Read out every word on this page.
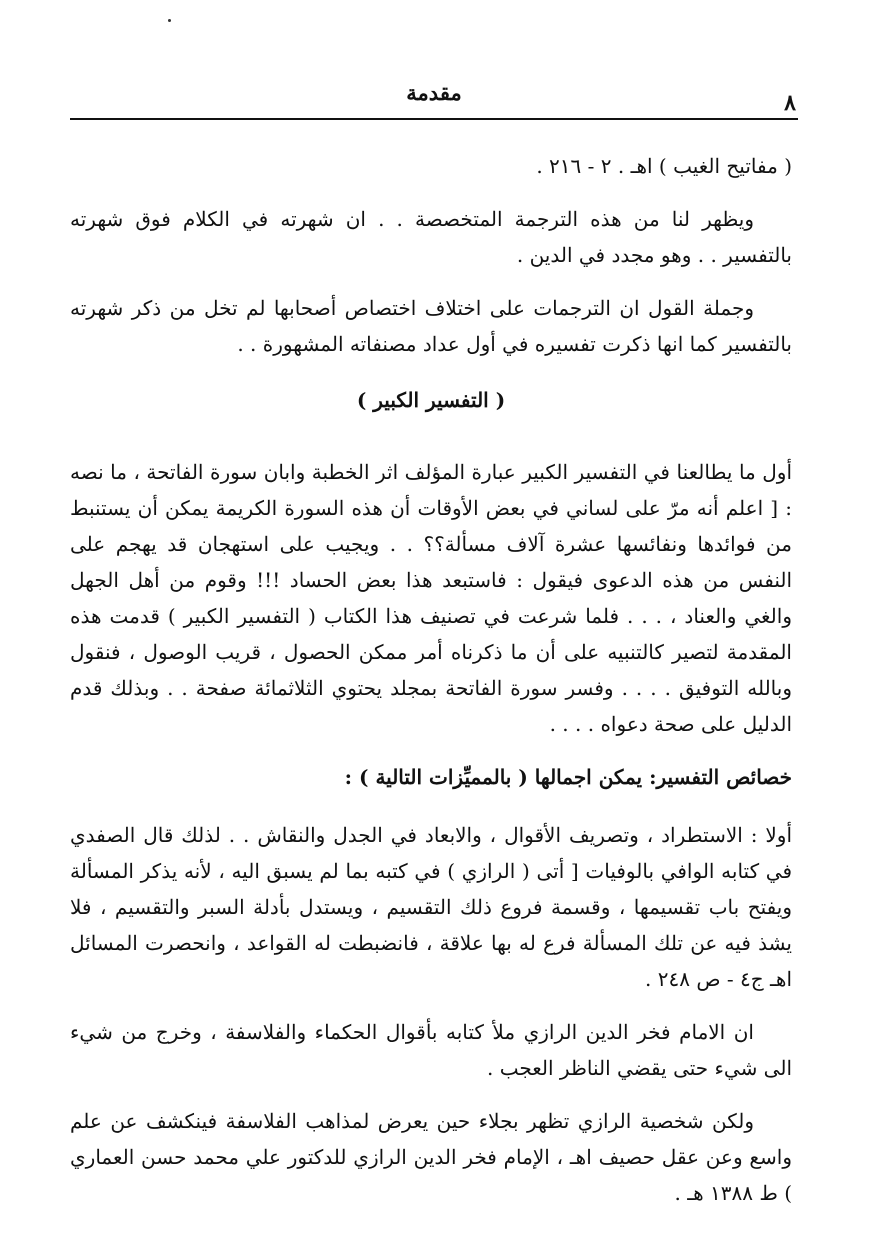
مقدمة	٨

( مفاتيح الغيب ) اهـ . ٢ - ٢١٦ .

ويظهر لنا من هذه الترجمة المتخصصة . . ان شهرته في الكلام فوق شهرته بالتفسير . . وهو مجدد في الدين .

وجملة القول ان الترجمات على اختلاف اختصاص أصحابها لم تخل من ذكر شهرته بالتفسير كما انها ذكرت تفسيره في أول عداد مصنفاته المشهورة . .

( التفسير الكبير )

أول ما يطالعنا في التفسير الكبير عبارة المؤلف اثر الخطبة وابان سورة الفاتحة ، ما نصه : [ اعلم أنه مرّ على لساني في بعض الأوقات أن هذه السورة الكريمة يمكن أن يستنبط من فوائدها ونفائسها عشرة آلاف مسألة؟؟ . . ويجيب على استهجان قد يهجم على النفس من هذه الدعوى فيقول : فاستبعد هذا بعض الحساد !!! وقوم من أهل الجهل والغي والعناد ، . . . فلما شرعت في تصنيف هذا الكتاب ( التفسير الكبير ) قدمت هذه المقدمة لتصير كالتنبيه على أن ما ذكرناه أمر ممكن الحصول ، قريب الوصول ، فنقول وبالله التوفيق . . . . وفسر سورة الفاتحة بمجلد يحتوي الثلاثمائة صفحة . . وبذلك قدم الدليل على صحة دعواه . . . .

خصائص التفسير: يمكن اجمالها ( بالمميِّزات التالية ) :

أولا : الاستطراد ، وتصريف الأقوال ، والابعاد في الجدل والنقاش . . لذلك قال الصفدي في كتابه الوافي بالوفيات [ أتى ( الرازي ) في كتبه بما لم يسبق اليه ، لأنه يذكر المسألة ويفتح باب تقسيمها ، وقسمة فروع ذلك التقسيم ، ويستدل بأدلة السبر والتقسيم ، فلا يشذ فيه عن تلك المسألة فرع له بها علاقة ، فانضبطت له القواعد ، وانحصرت المسائل اهـ ج٤ - ص ٢٤٨ .

ان الامام فخر الدين الرازي ملأ كتابه بأقوال الحكماء والفلاسفة ، وخرج من شيء الى شيء حتى يقضي الناظر العجب .

ولكن شخصية الرازي تظهر بجلاء حين يعرض لمذاهب الفلاسفة فينكشف عن علم واسع وعن عقل حصيف اهـ ، الإمام فخر الدين الرازي للدكتور علي محمد حسن العماري ) ط ١٣٨٨ هـ .
